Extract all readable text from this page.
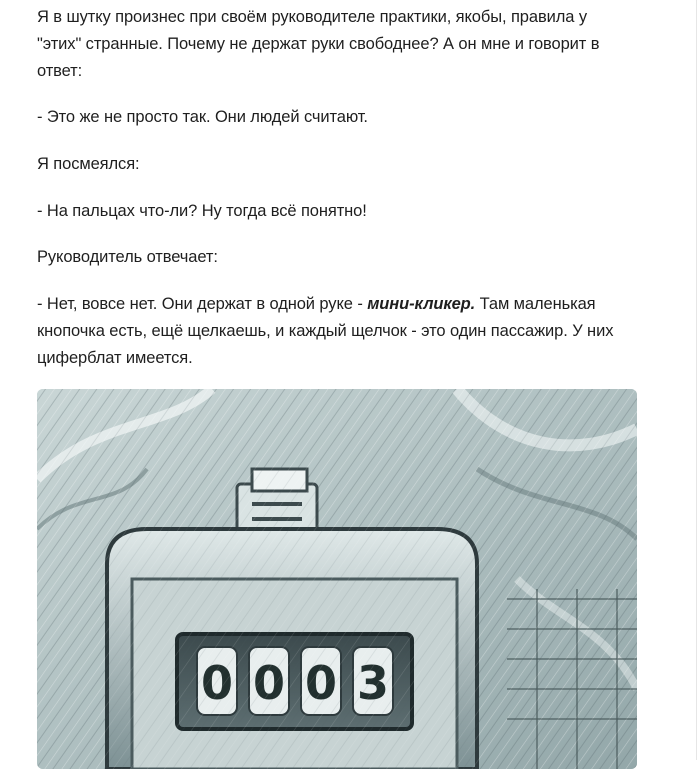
Я в шутку произнес при своём руководителе практики, якобы, правила у
"этих" странные. Почему не держат руки свободнее? А он мне и говорит в
ответ:

- Это же не просто так. Они людей считают.

Я посмеялся:

- На пальцах что-ли? Ну тогда всё понятно!

Руководитель отвечает:

- Нет, вовсе нет. Они держат в одной руке - мини-кликер. Там маленькая
кнопочка есть, ещё щелкаешь, и каждый щелчок - это один пассажир. У них
циферблат имеется.
